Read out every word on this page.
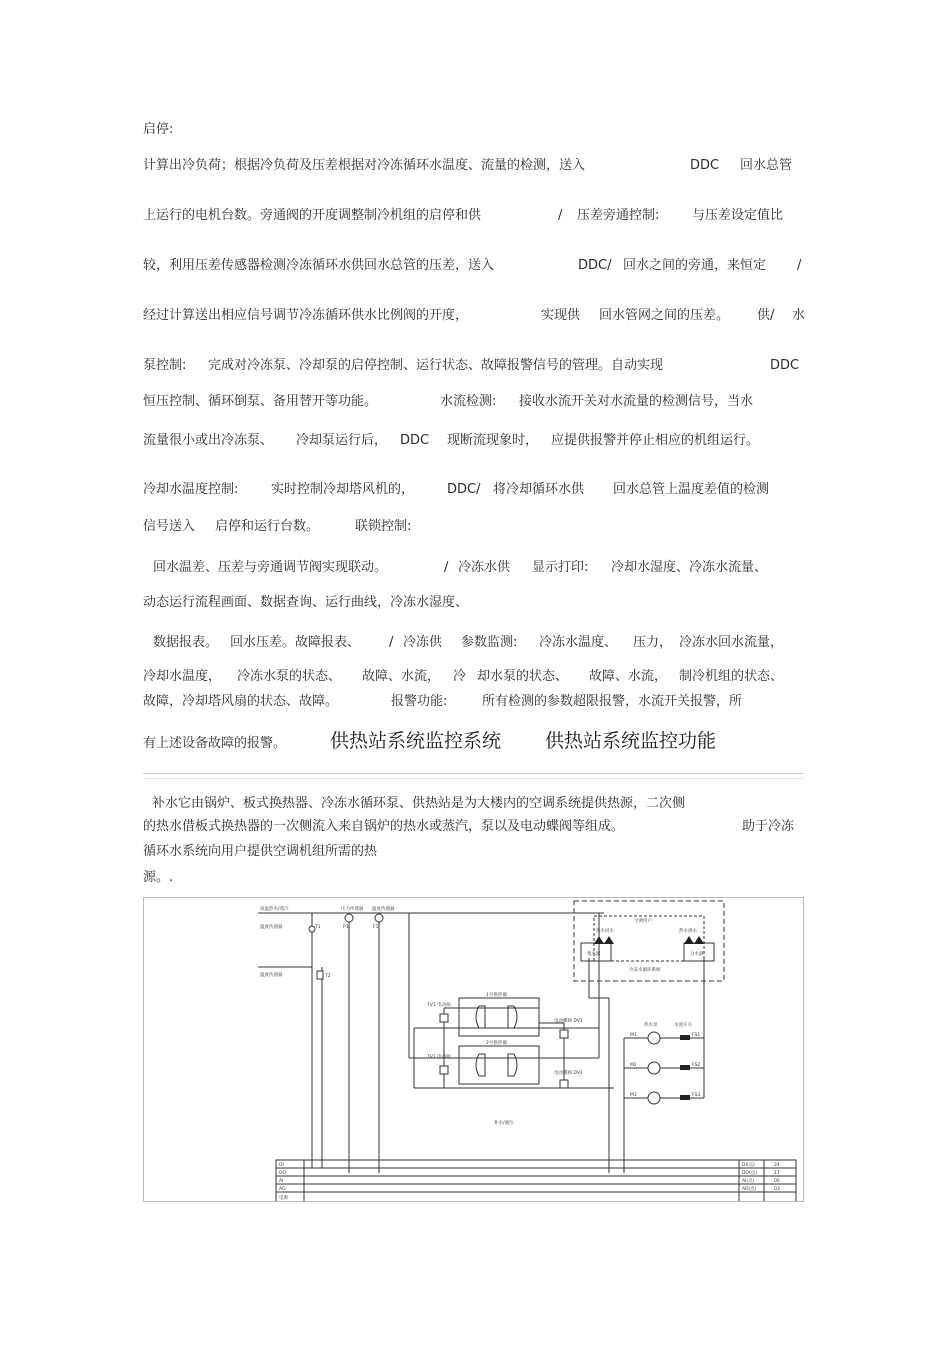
启停:
计算出冷负荷；根据冷负荷及压差根据对冷冻循环水温度、流量的检测，送入	DDC 回水总管
上运行的电机台数。旁通阀的开度调整制冷机组的启停和供	/ 压差旁通控制:	与压差设定值比
较，利用压差传感器检测冷冻循环水供回水总管的压差，送入	DDC/ 回水之间的旁通，来恒定 /
经过计算送出相应信号调节冷冻循环供水比例阀的开度，	实现供 回水管网之间的压差。 供/ 水
泵控制: 完成对冷冻泵、冷却泵的启停控制、运行状态、故障报警信号的管理。自动实现	DDC
恒压控制、循环倒泵、备用替开等功能。	水流检测: 接收水流开关对水流量的检测信号，当水
流量很小或出冷冻泵、 冷却泵运行后， DDC 现断流现象时， 应提供报警并停止相应的机组运行。
冷却水温度控制:	实时控制冷却塔风机的，	DDC/ 将冷却循环水供 回水总管上温度差值的检测
信号送入 启停和运行台数。	联锁控制:
回水温差、压差与旁通调节阀实现联动。	/ 冷冻水供 显示打印: 冷却水湿度、冷冻水流量、
动态运行流程画面、数据查询、运行曲线，冷冻水湿度、
数据报表。 回水压差。故障报表、 / 冷冻供 参数监测: 冷冻水温度、 压力， 冷冻水回水流量，
冷却水温度， 冷冻水泵的状态、 故障、水流， 冷 却水泵的状态、 故障、水流， 制冷机组的状态、
故障，冷却塔风扇的状态、故障。	报警功能:	所有检测的参数超限报警，水流开关报警，所
有上述设备故障的报警。
补水它由锅炉、板式换热器、冷冻水循环泵、供热站是为大楼内的空调系统提供热源，二次侧
的热水借板式换热器的一次侧流入来自锅炉的热水或蒸汽，泵以及电动蝶阀等组成。	助于冷冻
循环水系统向用户提供空调机组所需的热
源。.
供热站系统监控系统 供热站系统监控功能
高温热水/蒸汽
温度传感器
温度传感器
T1
T2
压力传感器
P1
温度传感器
F1
空调用户
热水回水	热水供水
集水器	分水器
冷冻水循环系统
TV1 电动阀
TV2 电动阀
1号换热器
2号换热器
电动蝶阀 DV1
电动蝶阀 DV2
热水泵	水流开关
M1
M2
M3
FS1
FS2
FS3
补水/液位
DI
DO
AI
AO
电源
DI(点)	24
DO(点)	17
AI(点)	06
AO(点)	03
